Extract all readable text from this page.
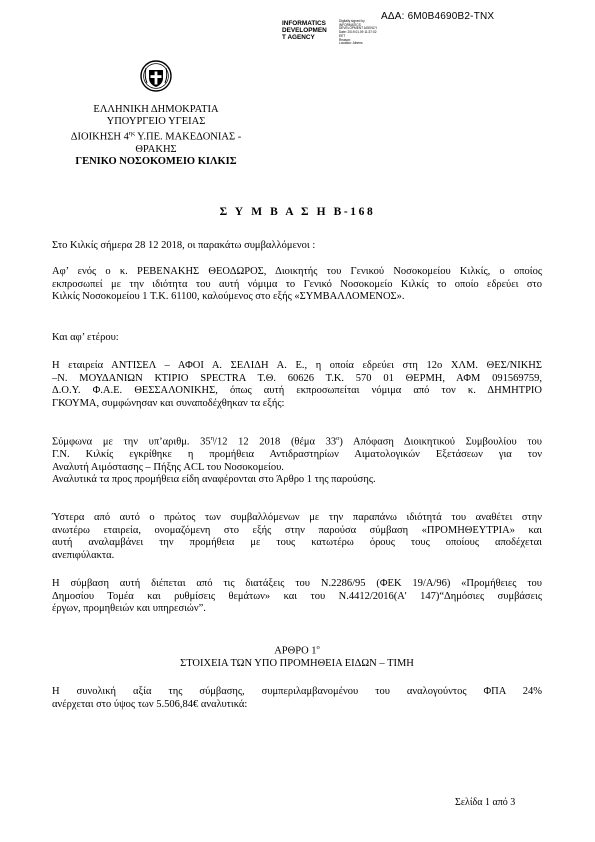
ΑΔΑ: 6Μ0Β4690Β2-ΤΝΧ
INFORMATICS
DEVELOPMEN
T AGENCY
Digitally signed by
INFORMATICS
DEVELOPMENT AGENCY
Date: 2019.01.09 11:37:02
EET
Reason:
Location: Athens
ΕΛΛΗΝΙΚΗ ΔΗΜΟΚΡΑΤΙΑ
ΥΠΟΥΡΓΕΙΟ ΥΓΕΙΑΣ
ΔΙΟΙΚΗΣΗ $4^{\eta\varsigma}$ Υ.ΠΕ. ΜΑΚΕΔΟΝΙΑΣ -
ΘΡΑΚΗΣ
ΓΕΝΙΚΟ ΝΟΣΟΚΟΜΕΙΟ ΚΙΛΚΙΣ
Σ Υ Μ Β Α Σ Η Β-168
Στο Κιλκίς σήμερα 28 12 2018, οι παρακάτω συμβαλλόμενοι :
Αφ’ ενός ο κ. ΡΕΒΕΝΑΚΗΣ ΘΕΟΔΩΡΟΣ, Διοικητής του Γενικού Νοσοκομείου Κιλκίς, ο οποίος
εκπροσωπεί με την ιδιότητα του αυτή νόμιμα το Γενικό Νοσοκομείο Κιλκίς το οποίο εδρεύει στο
Κιλκίς Νοσοκομείου 1 Τ.Κ. 61100, καλούμενος στο εξής «ΣΥΜΒΑΛΛΟΜΕΝΟΣ».
Και αφ’ ετέρου:
Η εταιρεία ΑΝΤΙΣΕΛ – ΑΦΟΙ Α. ΣΕΛΙΔΗ Α. Ε., η οποία εδρεύει στη 12ο ΧΛΜ. ΘΕΣ/ΝΙΚΗΣ
–Ν. ΜΟΥΔΑΝΙΩΝ ΚΤΙΡΙΟ SPECTRA Τ.Θ. 60626 Τ.Κ. 570 01 ΘΕΡΜΗ, ΑΦΜ 091569759,
Δ.Ο.Υ. Φ.Α.Ε. ΘΕΣΣΑΛΟΝΙΚΗΣ, όπως αυτή εκπροσωπείται νόμιμα από τον κ. ΔΗΜΗΤΡΙΟ
ΓΚΟΥΜΑ, συμφώνησαν και συναποδέχθηκαν τα εξής:
Σύμφωνα με την υπ’αριθμ. $35^\eta/12$ 12 2018 (θέμα $33^o$) Απόφαση Διοικητικού Συμβουλίου του
Γ.Ν. Κιλκίς εγκρίθηκε η προμήθεια Αντιδραστηρίων Αιματολογικών Εξετάσεων για τον
Αναλυτή Αιμόστασης – Πήξης ACL του Νοσοκομείου.
Αναλυτικά τα προς προμήθεια είδη αναφέρονται στο Άρθρο 1 της παρούσης.
Ύστερα από αυτό ο πρώτος των συμβαλλόμενων με την παραπάνω ιδιότητά του αναθέτει στην
ανωτέρω εταιρεία, ονομαζόμενη στο εξής στην παρούσα σύμβαση «ΠΡΟΜΗΘΕΥΤΡΙΑ» και
αυτή αναλαμβάνει την προμήθεια με τους κατωτέρω όρους τους οποίους αποδέχεται
ανεπιφύλακτα.
Η σύμβαση αυτή διέπεται από τις διατάξεις του Ν.2286/95 (ΦΕΚ 19/Α/96) «Προμήθειες του
Δημοσίου Τομέα και ρυθμίσεις θεμάτων» και του Ν.4412/2016(Α' 147)“Δημόσιες συμβάσεις
έργων, προμηθειών και υπηρεσιών”.
ΑΡΘΡΟ $1^o$
ΣΤΟΙΧΕΙΑ ΤΩΝ ΥΠΟ ΠΡΟΜΗΘΕΙΑ ΕΙΔΩΝ – ΤΙΜΗ
Η συνολική αξία της σύμβασης, συμπεριλαμβανομένου του αναλογούντος ΦΠΑ 24%
ανέρχεται στο ύψος των 5.506,84€ αναλυτικά:
Σελίδα 1 από 3
